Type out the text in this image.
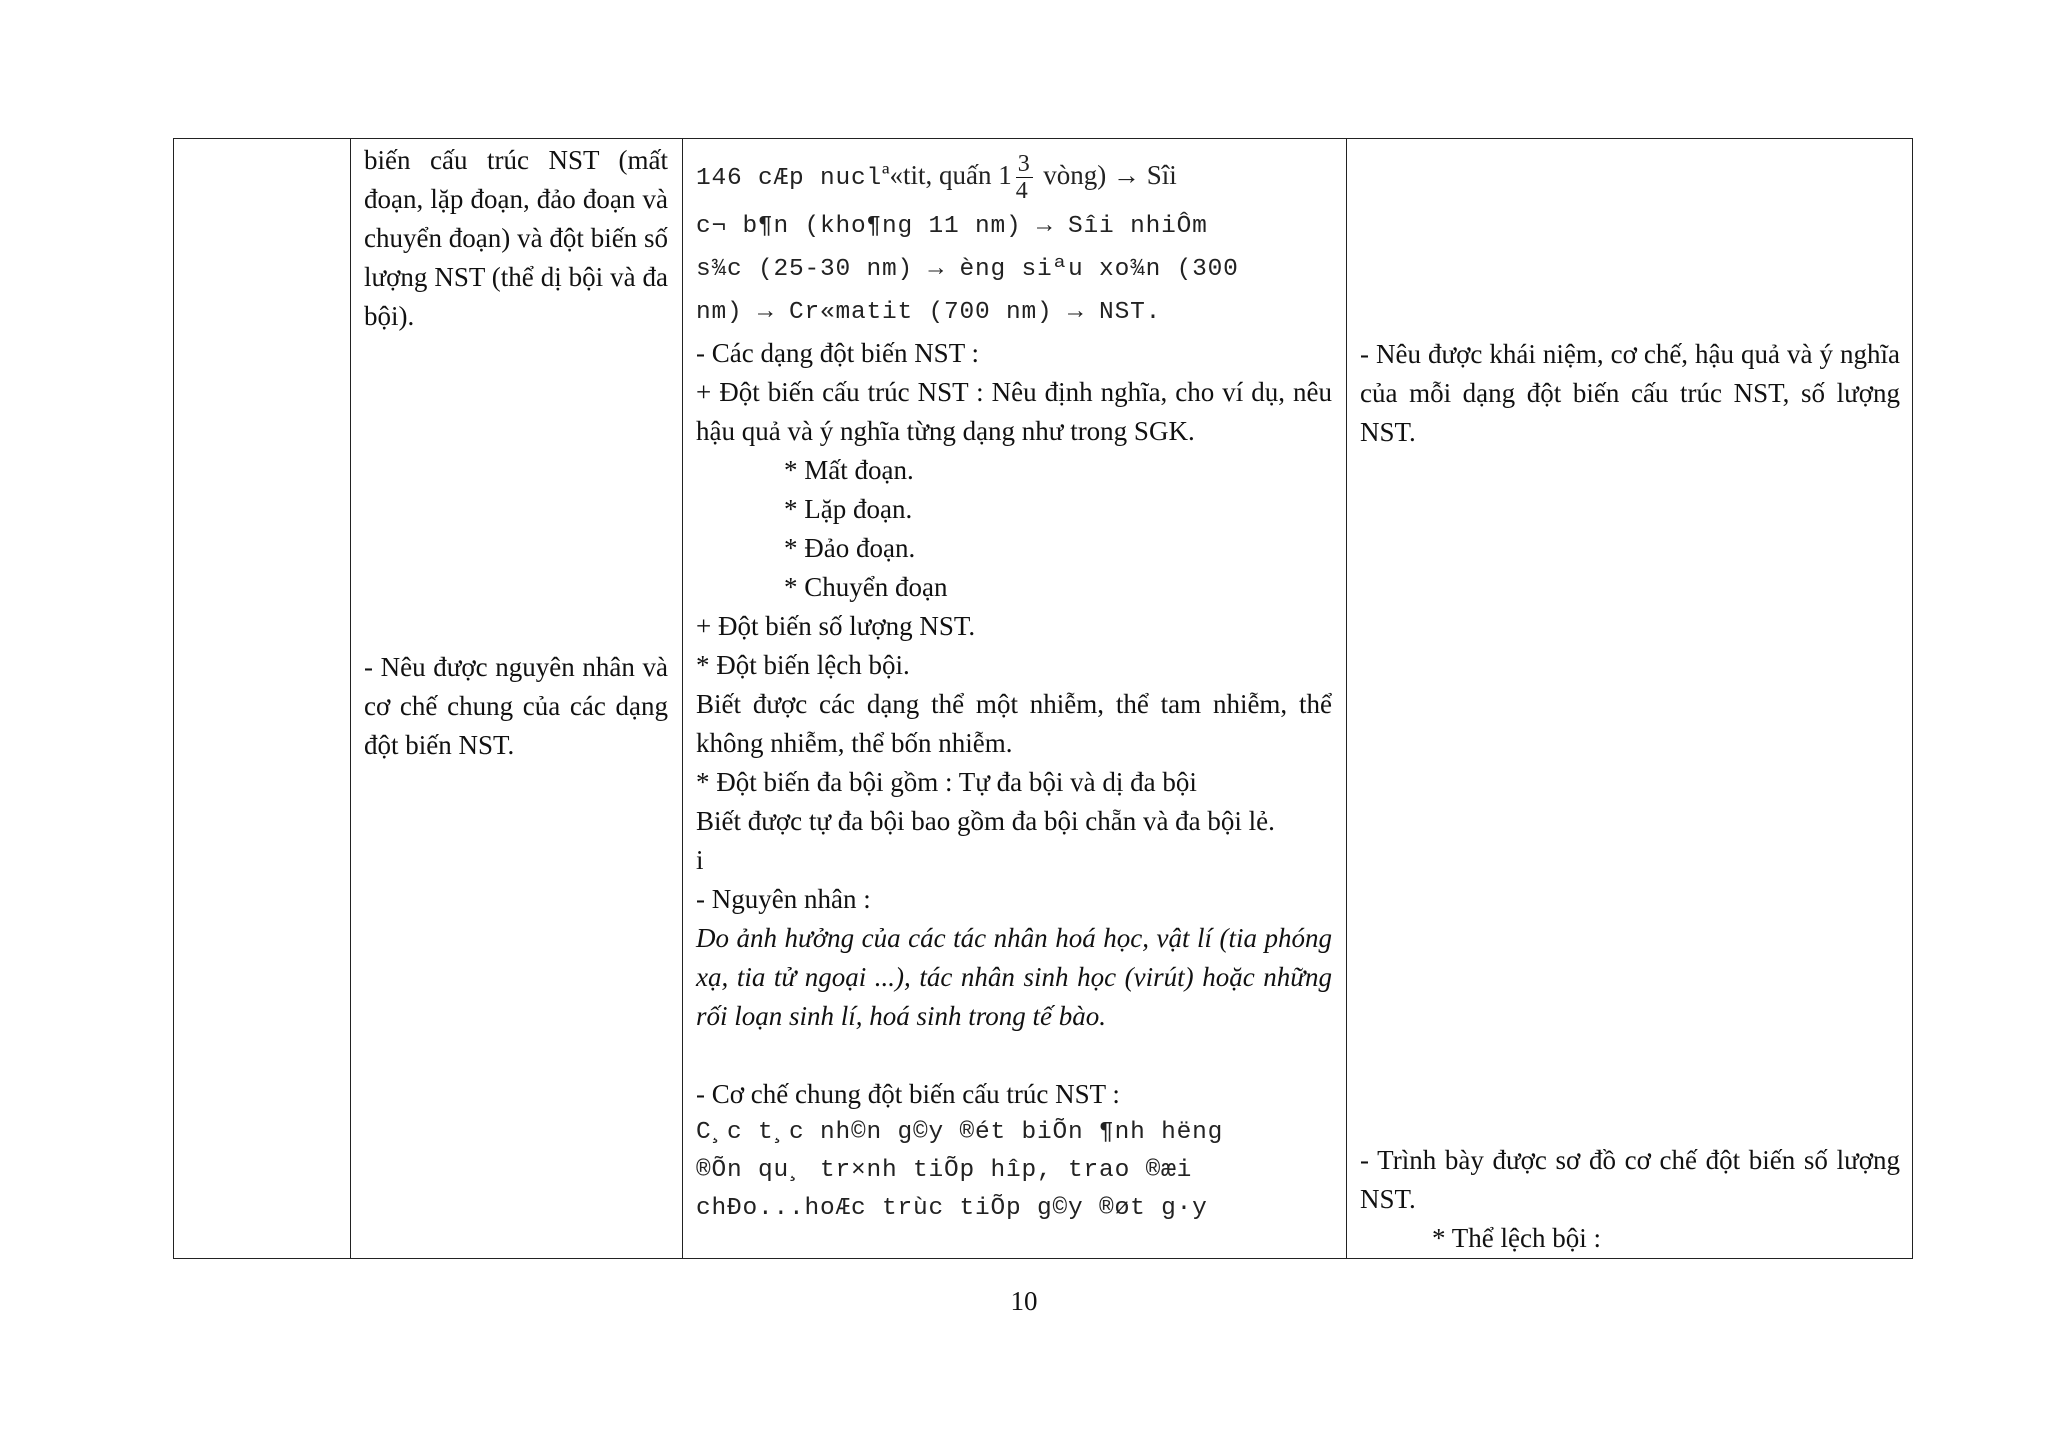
biến cấu trúc NST (mất đoạn, lặp đoạn, đảo đoạn và chuyển đoạn) và đột biến số lượng NST (thể dị bội và đa bội).
- Nêu được nguyên nhân và cơ chế chung của các dạng đột biến NST.
146 cÆp nuclª«tit, quấn $1 \frac{3}{4}$ vòng) → Sîi
c¬ b¶n (kho¶ng 11 nm) → Sîi nhiÔm
s¾c (25-30 nm) → èng siªu xo¾n (300
nm) → Cr«matit (700 nm) → NST.
- Các dạng đột biến NST :
+ Đột biến cấu trúc NST : Nêu định nghĩa, cho ví dụ, nêu hậu quả và ý nghĩa từng dạng như trong SGK.
* Mất đoạn.
* Lặp đoạn.
* Đảo đoạn.
* Chuyển đoạn
+ Đột biến số lượng NST.
* Đột biến lệch bội.
Biết được các dạng thể một nhiễm, thể tam nhiễm, thể không nhiễm, thể bốn nhiễm.
* Đột biến đa bội gồm : Tự đa bội và dị đa bội
Biết được tự đa bội bao gồm đa bội chẵn và đa bội lẻ.
i
- Nguyên nhân :
Do ảnh hưởng của các tác nhân hoá học, vật lí (tia phóng xạ, tia tử ngoại ...), tác nhân sinh học (virút) hoặc những rối loạn sinh lí, hoá sinh trong tế bào.
- Cơ chế chung đột biến cấu trúc NST :
C¸c t¸c nh©n g©y ®ét biÕn ¶nh hëng
®Õn qu¸ tr×nh tiÕp hîp, trao ®æi
chÐo...hoÆc trùc tiÕp g©y ®øt g·y
- Nêu được khái niệm, cơ chế, hậu quả và ý nghĩa của mỗi dạng đột biến cấu trúc NST, số lượng NST.
- Trình bày được sơ đồ cơ chế đột biến số lượng NST.
* Thể lệch bội :
10
